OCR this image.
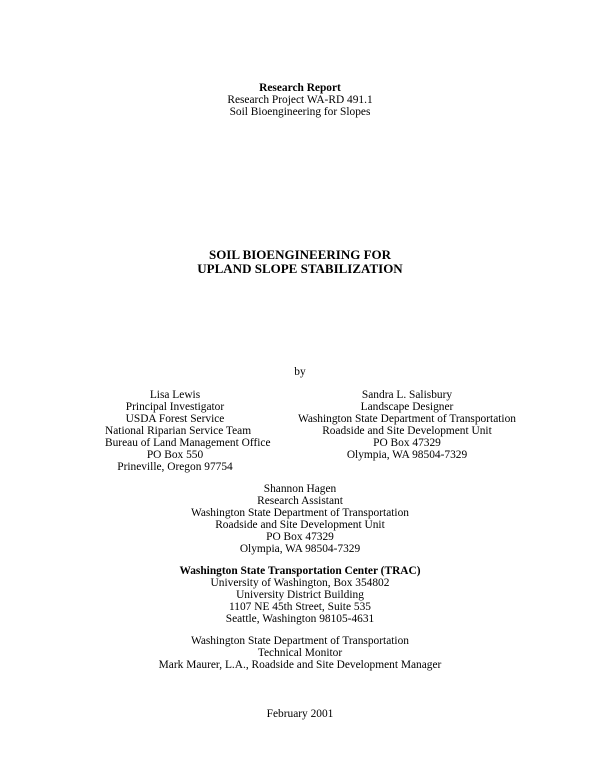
Research Report
Research Project WA-RD 491.1
Soil Bioengineering for Slopes
SOIL BIOENGINEERING FOR
UPLAND SLOPE STABILIZATION
by
Lisa Lewis
Principal Investigator
USDA Forest Service
National Riparian Service Team
Bureau of Land Management Office
PO Box 550
Prineville, Oregon 97754
Sandra L. Salisbury
Landscape Designer
Washington State Department of Transportation
Roadside and Site Development Unit
PO Box 47329
Olympia, WA 98504-7329
Shannon Hagen
Research Assistant
Washington State Department of Transportation
Roadside and Site Development Unit
PO Box 47329
Olympia, WA 98504-7329
Washington State Transportation Center (TRAC)
University of Washington, Box 354802
University District Building
1107 NE 45th Street, Suite 535
Seattle, Washington 98105-4631
Washington State Department of Transportation
Technical Monitor
Mark Maurer, L.A., Roadside and Site Development Manager
February 2001
